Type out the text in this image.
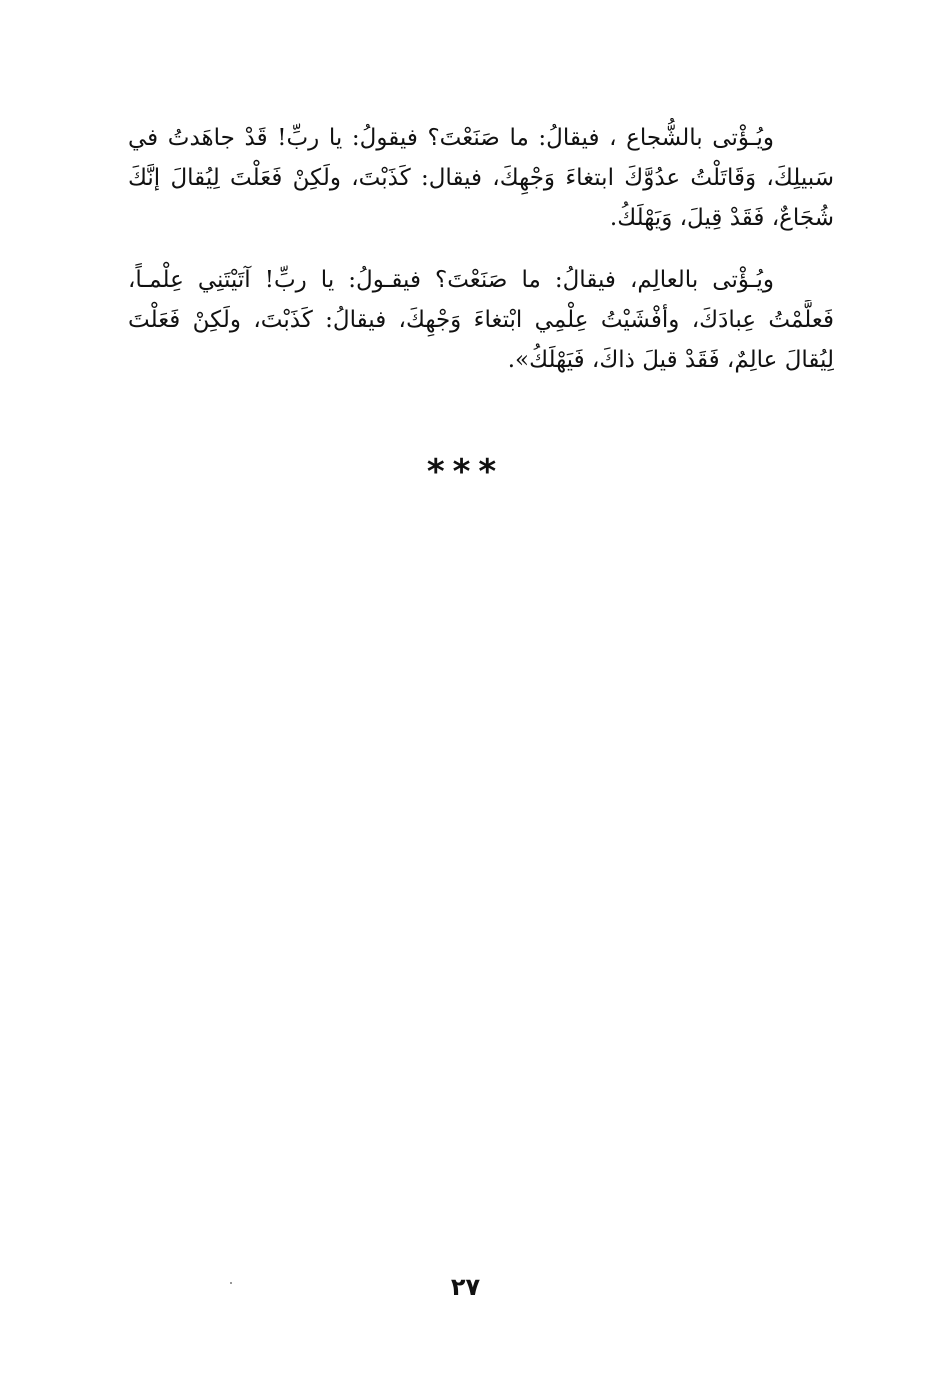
ويُـؤْتى بالشُّجاع ، فيقالُ: ما صَنَعْتَ؟ فيقولُ: يا ربِّ! قَدْ جاهَدتُ في
سَبيلِكَ، وَقَاتَلْتُ عدُوَّكَ ابتغاءَ وَجْهِكَ، فيقال: كَذَبْتَ، ولَكِنْ فَعَلْتَ لِيُقالَ إنَّكَ
شُجَاعٌ، فَقَدْ قِيلَ، وَيَهْلَكُ.
ويُـؤْتى بالعالِم، فيقالُ: ما صَنَعْتَ؟ فيقـولُ: يا ربِّ! آتَيْتَنِي عِلْمـاً،
فَعلَّمْتُ عِبادَكَ، وأفْشَيْتُ عِلْمِي ابْتغاءَ وَجْهِكَ، فيقالُ: كَذَبْتَ، ولَكِنْ فَعَلْتَ
لِيُقالَ عالِمٌ، فَقَدْ قيلَ ذاكَ، فَيَهْلَكُ».
***
٢٧
